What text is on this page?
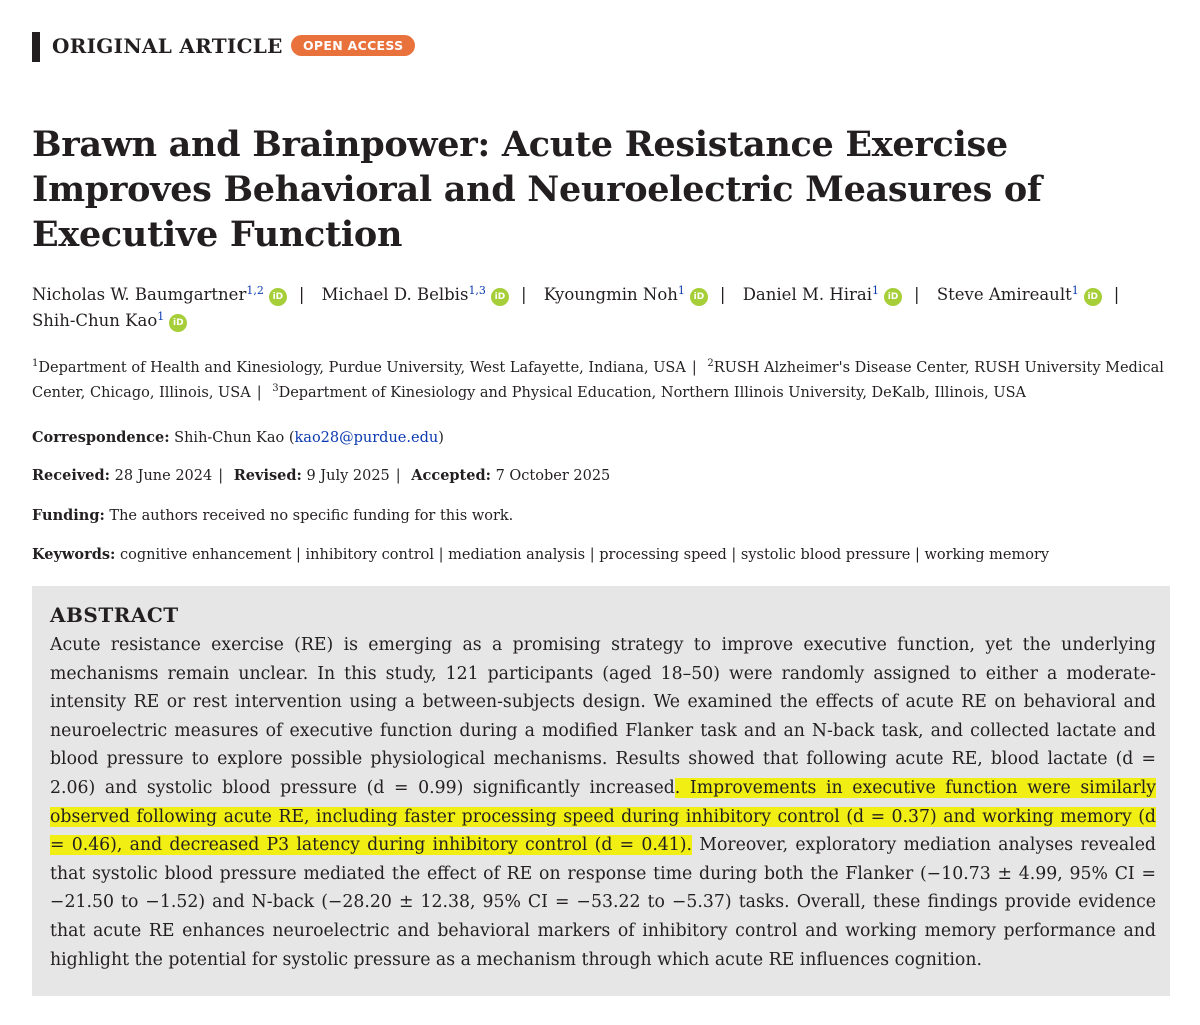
ORIGINAL ARTICLE	OPEN ACCESS
Brawn and Brainpower: Acute Resistance Exercise Improves Behavioral and Neuroelectric Measures of Executive Function
Nicholas W. Baumgartner$^{1,2}$ iD | Michael D. Belbis$^{1,3}$ iD | Kyoungmin Noh$^1$ iD | Daniel M. Hirai$^1$ iD | Steve Amireault$^1$ iD |
Shih-Chun Kao$^1$ iD
$^1$Department of Health and Kinesiology, Purdue University, West Lafayette, Indiana, USA | $^2$RUSH Alzheimer's Disease Center, RUSH University Medical Center, Chicago, Illinois, USA | $^3$Department of Kinesiology and Physical Education, Northern Illinois University, DeKalb, Illinois, USA
Correspondence: Shih-Chun Kao (kao28@purdue.edu)
Received: 28 June 2024 | Revised: 9 July 2025 | Accepted: 7 October 2025
Funding: The authors received no specific funding for this work.
Keywords: cognitive enhancement | inhibitory control | mediation analysis | processing speed | systolic blood pressure | working memory
ABSTRACT

Acute resistance exercise (RE) is emerging as a promising strategy to improve executive function, yet the underlying mechanisms remain unclear. In this study, 121 participants (aged 18–50) were randomly assigned to either a moderate-intensity RE or rest intervention using a between-subjects design. We examined the effects of acute RE on behavioral and neuroelectric measures of executive function during a modified Flanker task and an N-back task, and collected lactate and blood pressure to explore possible physiological mechanisms. Results showed that following acute RE, blood lactate (d = 2.06) and systolic blood pressure (d = 0.99) significantly increased. Improvements in executive function were similarly observed following acute RE, including faster processing speed during inhibitory control (d = 0.37) and working memory (d = 0.46), and decreased P3 latency during inhibitory control (d = 0.41). Moreover, exploratory mediation analyses revealed that systolic blood pressure mediated the effect of RE on response time during both the Flanker (−10.73 ± 4.99, 95% CI = −21.50 to −1.52) and N-back (−28.20 ± 12.38, 95% CI = −53.22 to −5.37) tasks. Overall, these findings provide evidence that acute RE enhances neuroelectric and behavioral markers of inhibitory control and working memory performance and highlight the potential for systolic pressure as a mechanism through which acute RE influences cognition.
